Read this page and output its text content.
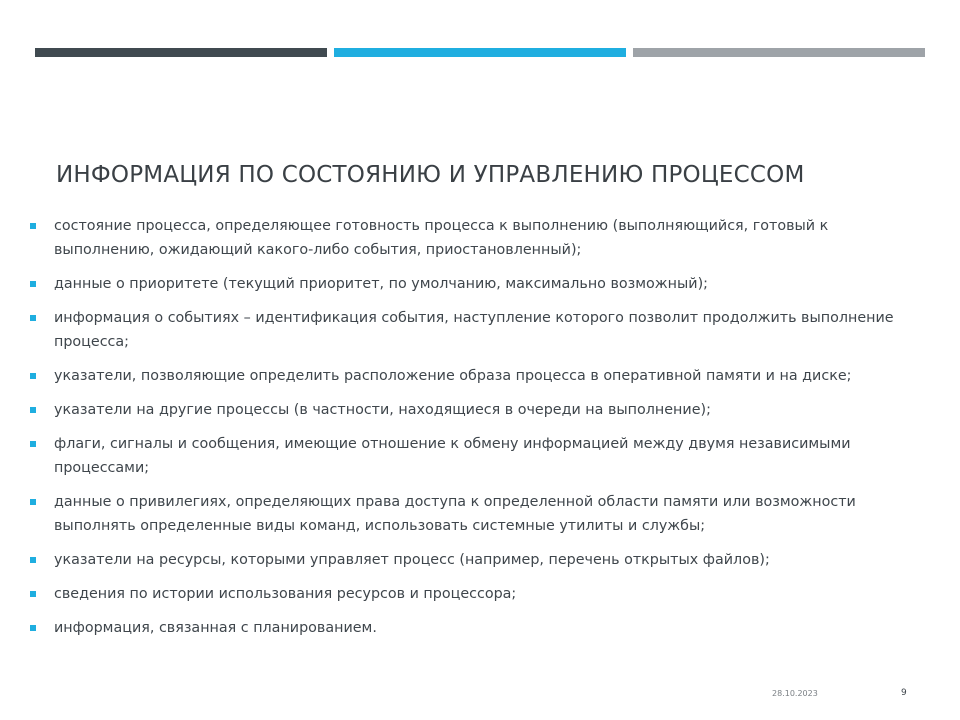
ИНФОРМАЦИЯ ПО СОСТОЯНИЮ И УПРАВЛЕНИЮ ПРОЦЕССОМ
состояние процесса, определяющее готовность процесса к выполнению (выполняющийся, готовый к выполнению, ожидающий какого-либо события, приостановленный);
данные о приоритете (текущий приоритет, по умолчанию, максимально возможный);
информация о событиях – идентификация события, наступление которого позволит продолжить выполнение процесса;
указатели, позволяющие определить расположение образа процесса в оперативной памяти и на диске;
указатели на другие процессы (в частности, находящиеся в очереди на выполнение);
флаги, сигналы и сообщения, имеющие отношение к обмену информацией между двумя независимыми процессами;
данные о привилегиях, определяющих права доступа к определенной области памяти или возможности выполнять определенные виды команд, использовать системные утилиты и службы;
указатели на ресурсы, которыми управляет процесс (например, перечень открытых файлов);
сведения по истории использования ресурсов и процессора;
информация, связанная с планированием.
28.10.2023	9
